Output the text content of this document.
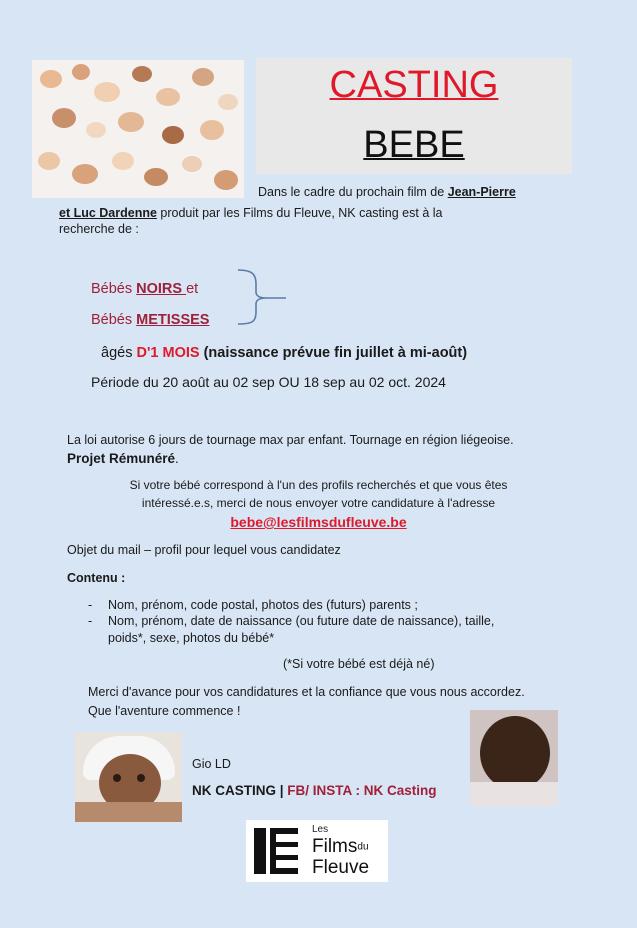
CASTING
BEBE
Dans le cadre du prochain film de Jean-Pierre
et Luc Dardenne produit par les Films du Fleuve, NK casting est à la
recherche de :
Bébés NOIRS et
Bébés METISSES
âgés D'1 MOIS (naissance prévue fin juillet à mi-août)
Période du 20 août au 02 sep OU 18 sep au 02 oct. 2024
La loi autorise 6 jours de tournage max par enfant. Tournage en région liégeoise.
Projet Rémunéré.
Si votre bébé correspond à l'un des profils recherchés et que vous êtes
intéressé.e.s, merci de nous envoyer votre candidature à l'adresse
bebe@lesfilmsdufleuve.be
Objet du mail – profil pour lequel vous candidatez
Contenu :
- Nom, prénom, code postal, photos des (futurs) parents ;
- Nom, prénom, date de naissance (ou future date de naissance), taille,
poids*, sexe, photos du bébé*
(*Si votre bébé est déjà né)
Merci d'avance pour vos candidatures et la confiance que vous nous accordez.
Que l'aventure commence !
Gio LD
NK CASTING | FB/ INSTA : NK Casting
Les
Filmsdu
Fleuve
